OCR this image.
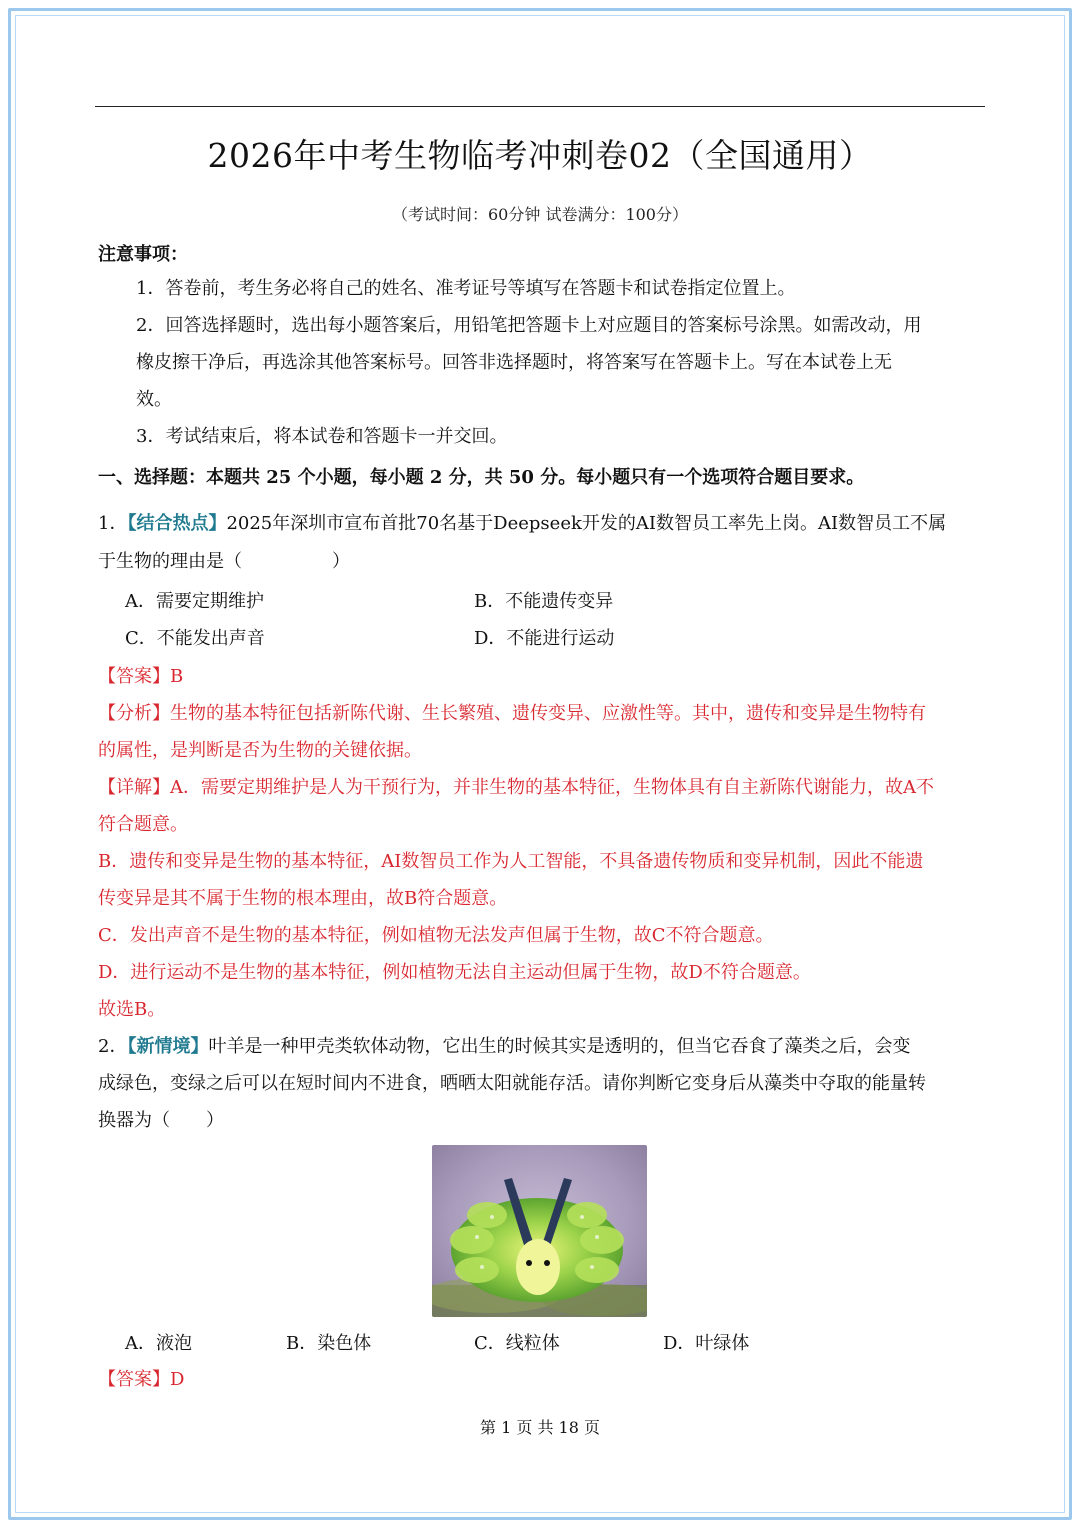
2026年中考生物临考冲刺卷02（全国通用）
（考试时间：60分钟 试卷满分：100分）
注意事项：
1．答卷前，考生务必将自己的姓名、准考证号等填写在答题卡和试卷指定位置上。
2．回答选择题时，选出每小题答案后，用铅笔把答题卡上对应题目的答案标号涂黑。如需改动，用
橡皮擦干净后，再选涂其他答案标号。回答非选择题时，将答案写在答题卡上。写在本试卷上无
效。
3．考试结束后，将本试卷和答题卡一并交回。
一、选择题：本题共 25 个小题，每小题 2 分，共 50 分。每小题只有一个选项符合题目要求。
1．【结合热点】2025年深圳市宣布首批70名基于Deepseek开发的AI数智员工率先上岗。AI数智员工不属
于生物的理由是（　　　　　）
A．需要定期维护	B．不能遗传变异
C．不能发出声音	D．不能进行运动
【答案】B
【分析】生物的基本特征包括新陈代谢、生长繁殖、遗传变异、应激性等。其中，遗传和变异是生物特有
的属性，是判断是否为生物的关键依据。
【详解】A．需要定期维护是人为干预行为，并非生物的基本特征，生物体具有自主新陈代谢能力，故A不
符合题意。
B．遗传和变异是生物的基本特征，AI数智员工作为人工智能，不具备遗传物质和变异机制，因此不能遗
传变异是其不属于生物的根本理由，故B符合题意。
C．发出声音不是生物的基本特征，例如植物无法发声但属于生物，故C不符合题意。
D．进行运动不是生物的基本特征，例如植物无法自主运动但属于生物，故D不符合题意。
故选B。
2．【新情境】叶羊是一种甲壳类软体动物，它出生的时候其实是透明的，但当它吞食了藻类之后，会变
成绿色，变绿之后可以在短时间内不进食，晒晒太阳就能存活。请你判断它变身后从藻类中夺取的能量转
换器为（　　）
A．液泡	B．染色体	C．线粒体	D．叶绿体
【答案】D
第 1 页 共 18 页
